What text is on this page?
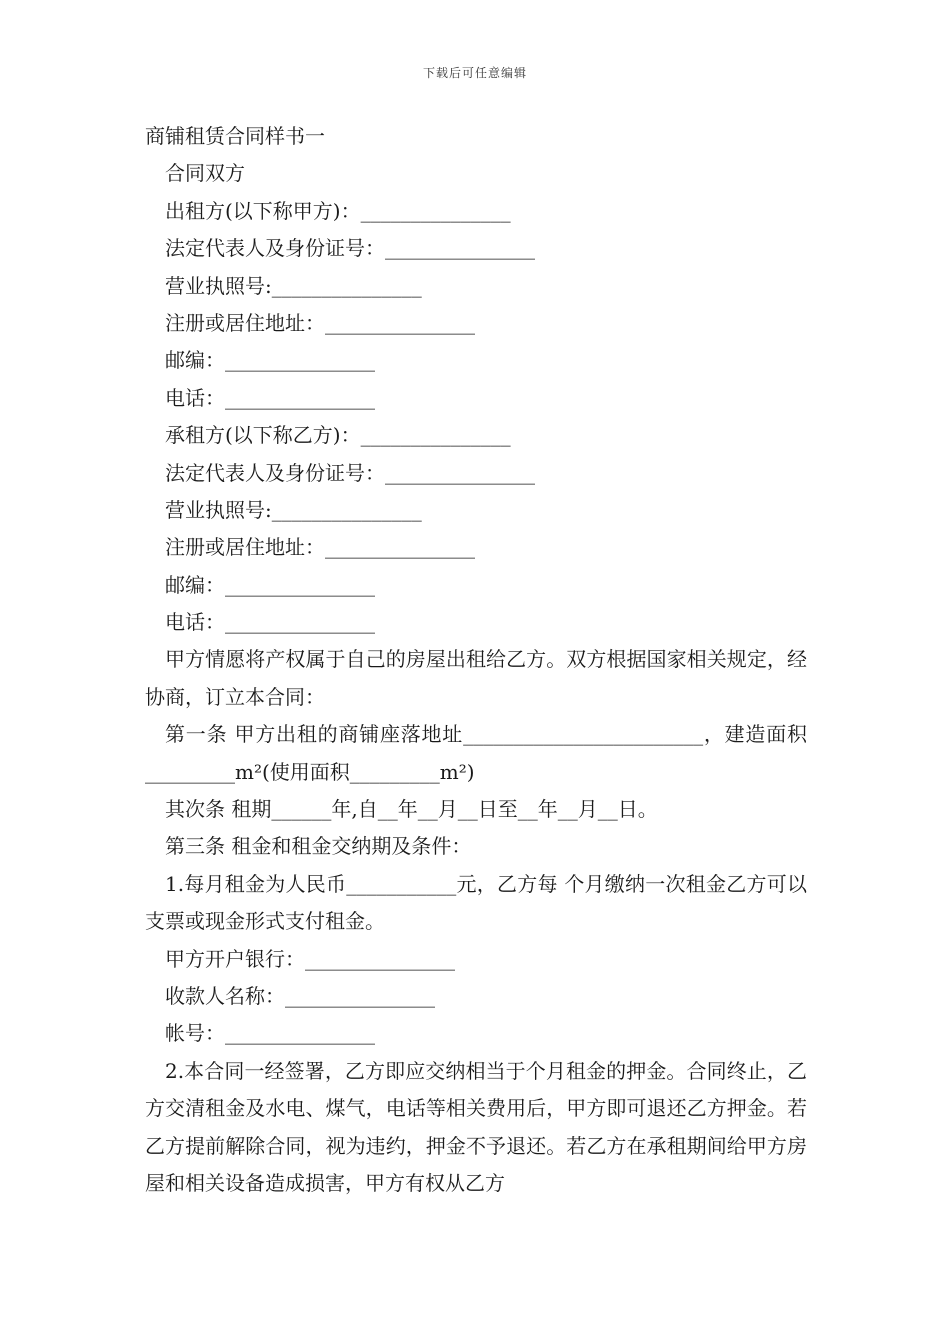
下载后可任意编辑
商铺租赁合同样书一
合同双方
出租方(以下称甲方)：_______________
法定代表人及身份证号：_______________
营业执照号:_______________
注册或居住地址：_______________
邮编：_______________
电话：_______________
承租方(以下称乙方)：_______________
法定代表人及身份证号：_______________
营业执照号:_______________
注册或居住地址：_______________
邮编：_______________
电话：_______________
甲方情愿将产权属于自己的房屋出租给乙方。双方根据国家相关规定，经协商，订立本合同：
第一条 甲方出租的商铺座落地址________________________，建造面积_________m²(使用面积_________m²)
其次条 租期______年,自__年__月__日至__年__月__日。
第三条 租金和租金交纳期及条件：
1.每月租金为人民币___________元，乙方每 个月缴纳一次租金乙方可以支票或现金形式支付租金。
甲方开户银行：_______________
收款人名称：_______________
帐号：_______________
2.本合同一经签署，乙方即应交纳相当于个月租金的押金。合同终止，乙方交清租金及水电、煤气，电话等相关费用后，甲方即可退还乙方押金。若乙方提前解除合同，视为违约，押金不予退还。若乙方在承租期间给甲方房屋和相关设备造成损害，甲方有权从乙方
